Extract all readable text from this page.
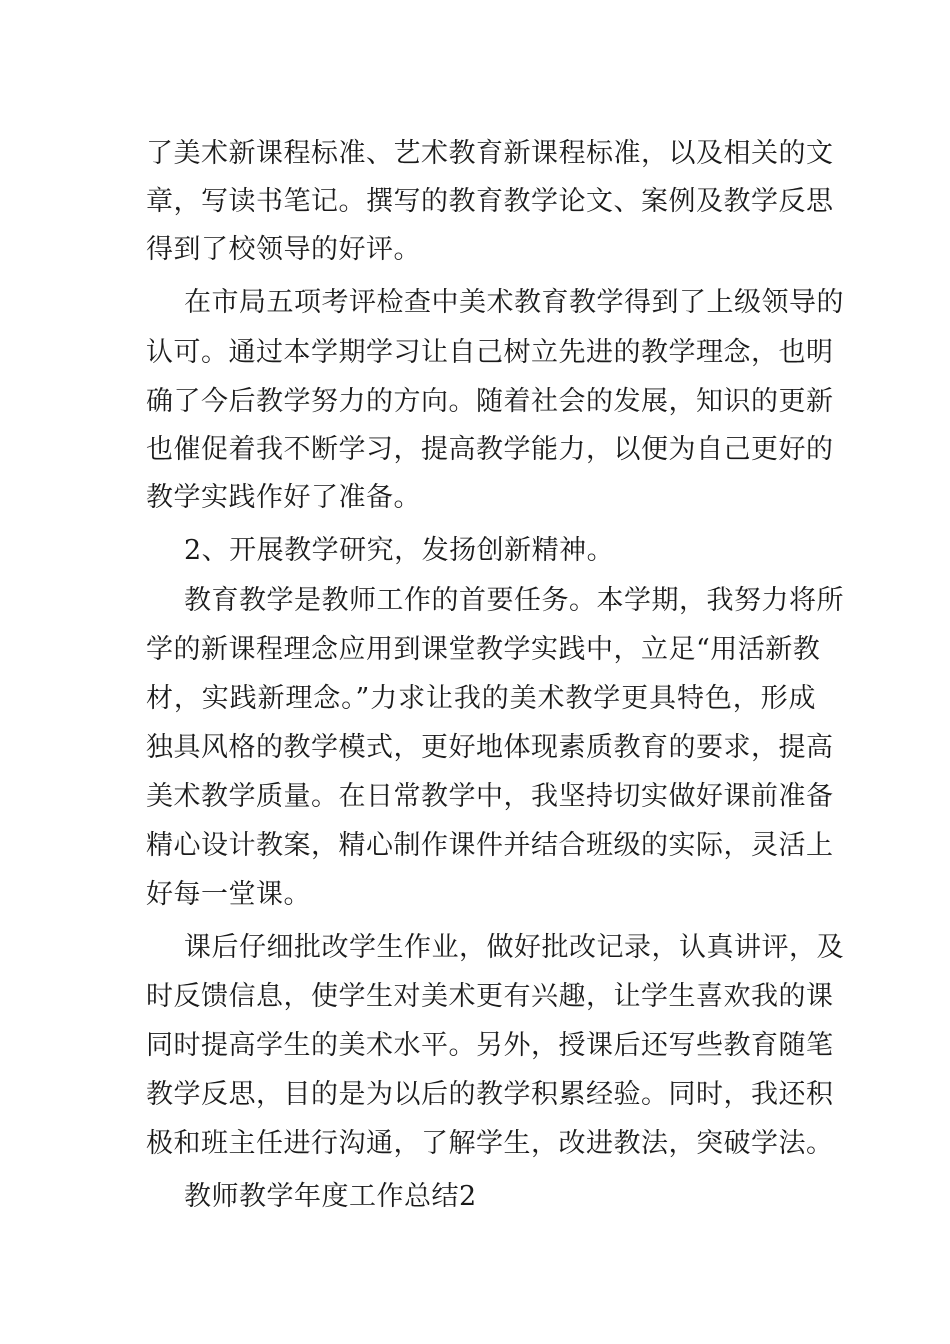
了美术新课程标准、艺术教育新课程标准，以及相关的文
章，写读书笔记。撰写的教育教学论文、案例及教学反思
得到了校领导的好评。
在市局五项考评检查中美术教育教学得到了上级领导的
认可。通过本学期学习让自己树立先进的教学理念，也明
确了今后教学努力的方向。随着社会的发展，知识的更新
也催促着我不断学习，提高教学能力，以便为自己更好的
教学实践作好了准备。
2、开展教学研究，发扬创新精神。
教育教学是教师工作的首要任务。本学期，我努力将所
学的新课程理念应用到课堂教学实践中，立足“用活新教
材，实践新理念。”力求让我的美术教学更具特色，形成
独具风格的教学模式，更好地体现素质教育的要求，提高
美术教学质量。在日常教学中，我坚持切实做好课前准备
精心设计教案，精心制作课件并结合班级的实际，灵活上
好每一堂课。
课后仔细批改学生作业，做好批改记录，认真讲评，及
时反馈信息，使学生对美术更有兴趣，让学生喜欢我的课
同时提高学生的美术水平。另外，授课后还写些教育随笔
教学反思，目的是为以后的教学积累经验。同时，我还积
极和班主任进行沟通，了解学生，改进教法，突破学法。
教师教学年度工作总结2
